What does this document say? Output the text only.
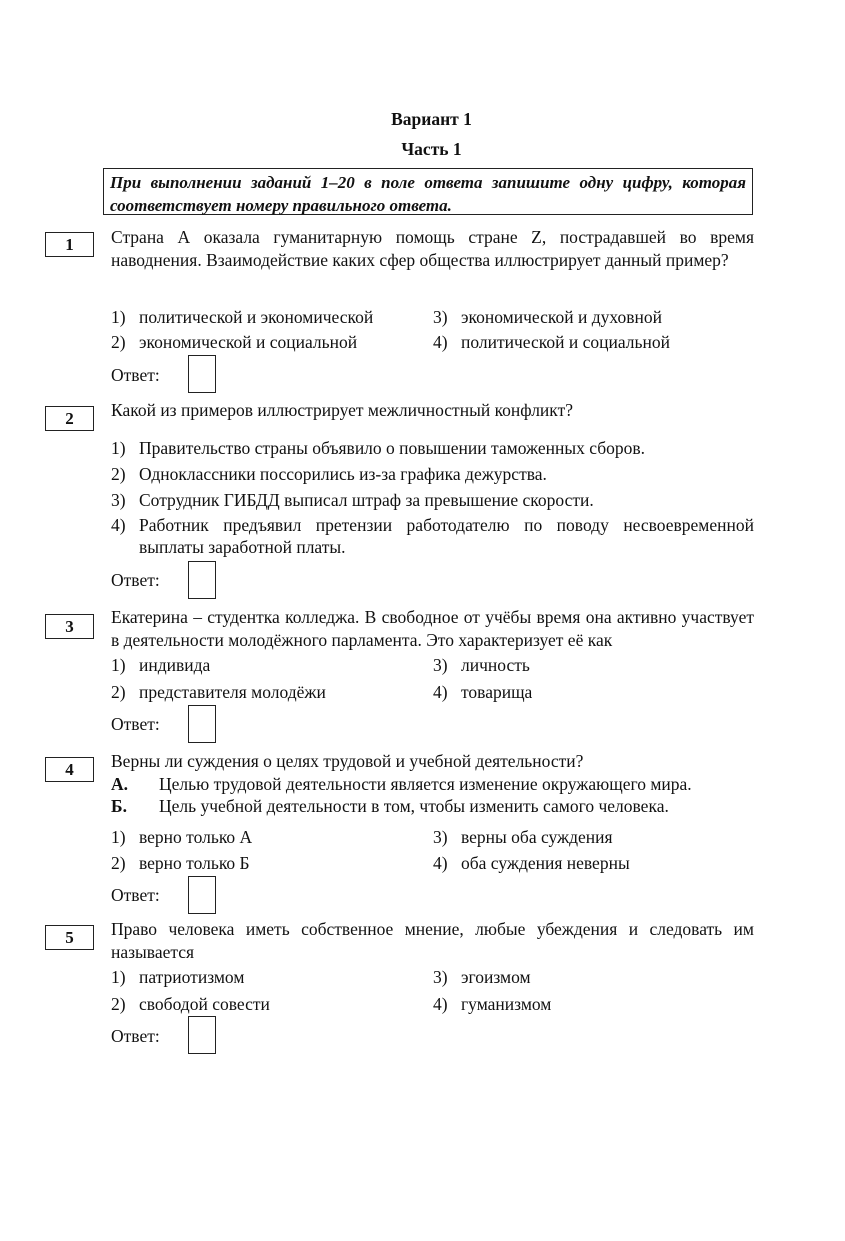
Вариант 1
Часть 1
При выполнении заданий 1–20 в поле ответа запишите одну цифру, которая соответствует номеру правильного ответа.
1	Страна А оказала гуманитарную помощь стране Z, пострадавшей во время наводнения. Взаимодействие каких сфер общества иллюстрирует данный пример?
1) политической и экономической
2) экономической и социальной
3) экономической и духовной
4) политической и социальной
Ответ:
2	Какой из примеров иллюстрирует межличностный конфликт?
1) Правительство страны объявило о повышении таможенных сборов.
2) Одноклассники поссорились из-за графика дежурства.
3) Сотрудник ГИБДД выписал штраф за превышение скорости.
4) Работник предъявил претензии работодателю по поводу несвоевременной выплаты заработной платы.
Ответ:
3	Екатерина – студентка колледжа. В свободное от учёбы время она активно участвует в деятельности молодёжного парламента. Это характеризует её как
1) индивида
2) представителя молодёжи
3) личность
4) товарища
Ответ:
4	Верны ли суждения о целях трудовой и учебной деятельности?
А. Целью трудовой деятельности является изменение окружающего мира.
Б. Цель учебной деятельности в том, чтобы изменить самого человека.
1) верно только А
2) верно только Б
3) верны оба суждения
4) оба суждения неверны
Ответ:
5	Право человека иметь собственное мнение, любые убеждения и следовать им называется
1) патриотизмом
2) свободой совести
3) эгоизмом
4) гуманизмом
Ответ:
